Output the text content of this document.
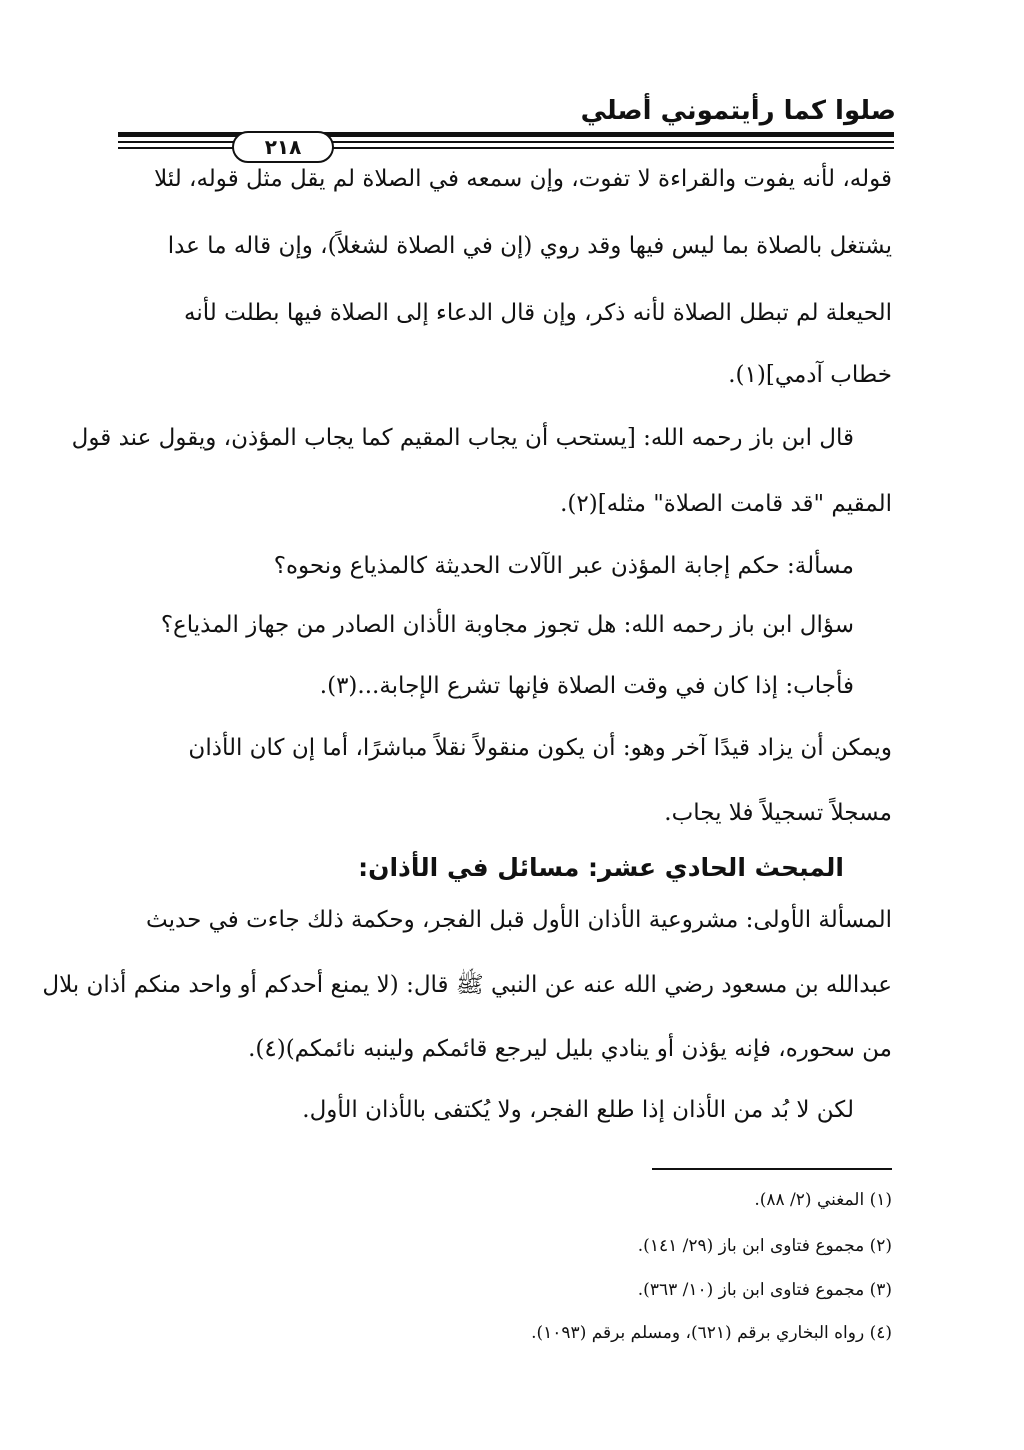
صلوا كما رأيتموني أصلي
٢١٨
قوله، لأنه يفوت والقراءة لا تفوت، وإن سمعه في الصلاة لم يقل مثل قوله، لئلا
يشتغل بالصلاة بما ليس فيها وقد روي (إن في الصلاة لشغلاً)، وإن قاله ما عدا
الحيعلة لم تبطل الصلاة لأنه ذكر، وإن قال الدعاء إلى الصلاة فيها بطلت لأنه
خطاب آدمي](١).
قال ابن باز رحمه الله: [يستحب أن يجاب المقيم كما يجاب المؤذن، ويقول عند قول
المقيم "قد قامت الصلاة" مثله](٢).
مسألة: حكم إجابة المؤذن عبر الآلات الحديثة كالمذياع ونحوه؟
سؤال ابن باز رحمه الله: هل تجوز مجاوبة الأذان الصادر من جهاز المذياع؟
فأجاب: إذا كان في وقت الصلاة فإنها تشرع الإجابة...(٣).
ويمكن أن يزاد قيدًا آخر وهو: أن يكون منقولاً نقلاً مباشرًا، أما إن كان الأذان
مسجلاً تسجيلاً فلا يجاب.
المبحث الحادي عشر: مسائل في الأذان:
المسألة الأولى: مشروعية الأذان الأول قبل الفجر، وحكمة ذلك جاءت في حديث
عبدالله بن مسعود رضي الله عنه عن النبي ﷺ قال: (لا يمنع أحدكم أو واحد منكم أذان بلال
من سحوره، فإنه يؤذن أو ينادي بليل ليرجع قائمكم ولينبه نائمكم)(٤).
لكن لا بُد من الأذان إذا طلع الفجر، ولا يُكتفى بالأذان الأول.
(١) المغني (٢/ ٨٨).
(٢) مجموع فتاوى ابن باز (٢٩/ ١٤١).
(٣) مجموع فتاوى ابن باز (١٠/ ٣٦٣).
(٤) رواه البخاري برقم (٦٢١)، ومسلم برقم (١٠٩٣).
